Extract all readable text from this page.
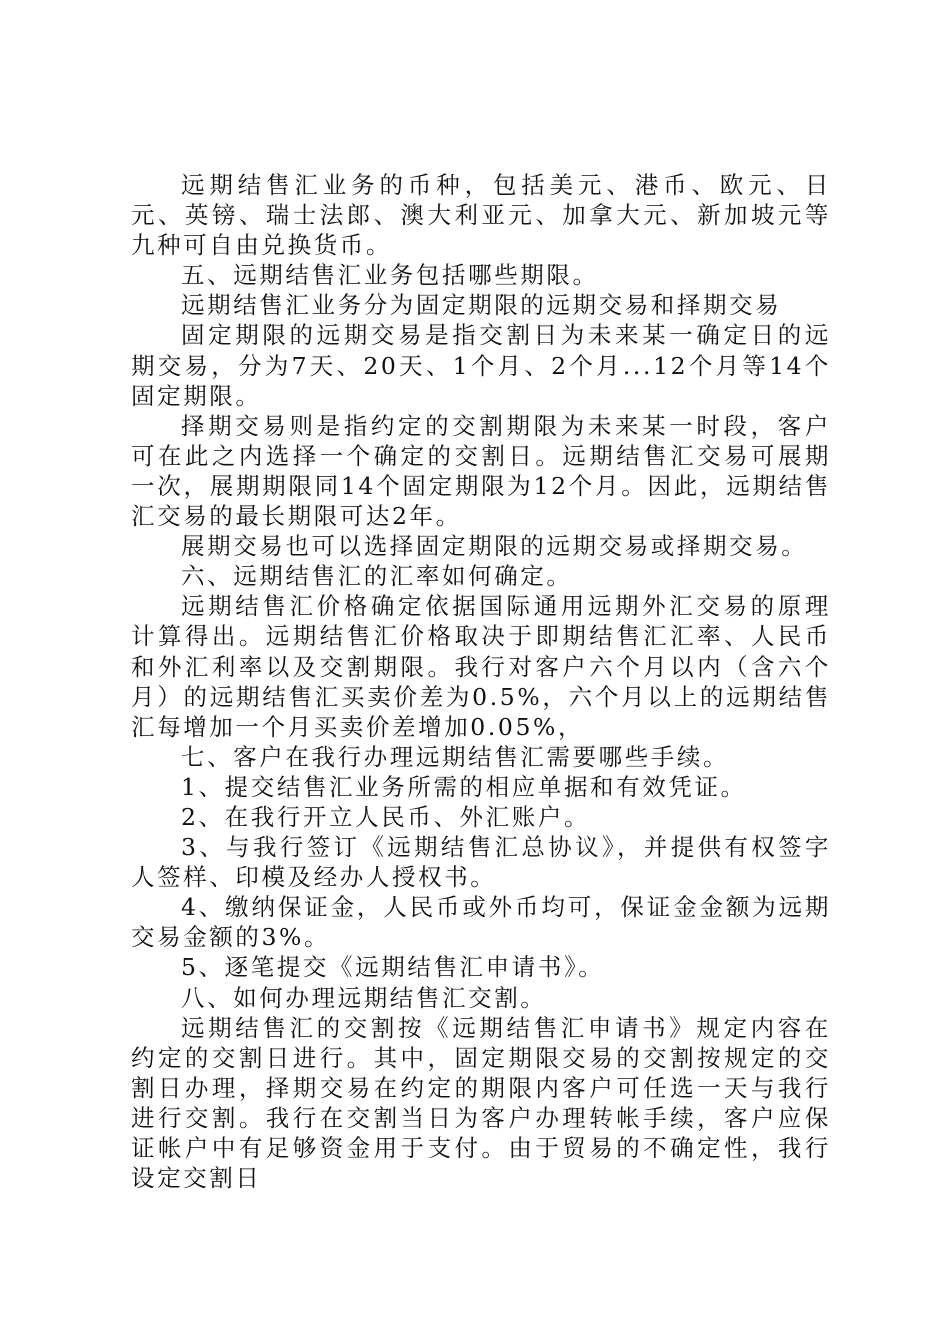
远期结售汇业务的币种，包括美元、港币、欧元、日元、英镑、瑞士法郎、澳大利亚元、加拿大元、新加坡元等九种可自由兑换货币。

五、远期结售汇业务包括哪些期限。

远期结售汇业务分为固定期限的远期交易和择期交易

固定期限的远期交易是指交割日为未来某一确定日的远期交易，分为7天、20天、1个月、2个月...12个月等14个固定期限。

择期交易则是指约定的交割期限为未来某一时段，客户可在此之内选择一个确定的交割日。远期结售汇交易可展期一次，展期期限同14个固定期限为12个月。因此，远期结售汇交易的最长期限可达2年。

展期交易也可以选择固定期限的远期交易或择期交易。

六、远期结售汇的汇率如何确定。

远期结售汇价格确定依据国际通用远期外汇交易的原理计算得出。远期结售汇价格取决于即期结售汇汇率、人民币和外汇利率以及交割期限。我行对客户六个月以内（含六个月）的远期结售汇买卖价差为0.5%，六个月以上的远期结售汇每增加一个月买卖价差增加0.05%，

七、客户在我行办理远期结售汇需要哪些手续。

1、提交结售汇业务所需的相应单据和有效凭证。

2、在我行开立人民币、外汇账户。

3、与我行签订《远期结售汇总协议》，并提供有权签字人签样、印模及经办人授权书。

4、缴纳保证金，人民币或外币均可，保证金金额为远期交易金额的3%。

5、逐笔提交《远期结售汇申请书》。

八、如何办理远期结售汇交割。

远期结售汇的交割按《远期结售汇申请书》规定内容在约定的交割日进行。其中，固定期限交易的交割按规定的交割日办理，择期交易在约定的期限内客户可任选一天与我行进行交割。我行在交割当日为客户办理转帐手续，客户应保证帐户中有足够资金用于支付。由于贸易的不确定性，我行设定交割日
